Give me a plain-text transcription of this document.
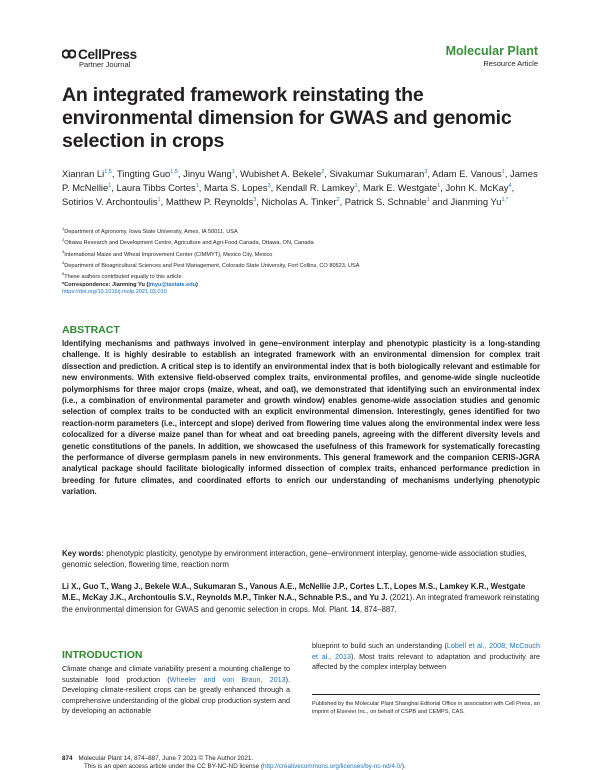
CellPress
Partner Journal
Molecular Plant
Resource Article
An integrated framework reinstating the environmental dimension for GWAS and genomic selection in crops
Xianran Li$^{1,5}$, Tingting Guo$^{1,5}$, Jinyu Wang$^1$, Wubishet A. Bekele$^2$, Sivakumar Sukumaran$^3$, Adam E. Vanous$^1$, James P. McNellie$^1$, Laura Tibbs Cortes$^1$, Marta S. Lopes$^3$, Kendall R. Lamkey$^1$, Mark E. Westgate$^1$, John K. McKay$^4$, Sotirios V. Archontoulis$^1$, Matthew P. Reynolds$^3$, Nicholas A. Tinker$^2$, Patrick S. Schnable$^1$ and Jianming $Yu^{1,*}$
$^1$Department of Agronomy, Iowa State University, Ames, IA 50011, USA
$^2$Ottawa Research and Development Centre, Agriculture and Agri-Food Canada, Ottawa, ON, Canada
$^3$International Maize and Wheat Improvement Center (CIMMYT), Mexico City, Mexico
$^4$Department of Bioagricultural Sciences and Pest Management, Colorado State University, Fort Collins, CO 80523, USA
$^5$These authors contributed equally to this article.
*Correspondence: Jianming Yu (jmyu@iastate.edu)
https://doi.org/10.1016/j.molp.2021.03.010
ABSTRACT
Identifying mechanisms and pathways involved in gene–environment interplay and phenotypic plasticity is a long-standing challenge. It is highly desirable to establish an integrated framework with an environmental dimension for complex trait dissection and prediction. A critical step is to identify an environmental index that is both biologically relevant and estimable for new environments. With extensive field-observed complex traits, environmental profiles, and genome-wide single nucleotide polymorphisms for three major crops (maize, wheat, and oat), we demonstrated that identifying such an environmental index (i.e., a combination of environmental parameter and growth window) enables genome-wide association studies and genomic selection of complex traits to be conducted with an explicit environmental dimension. Interestingly, genes identified for two reaction-norm parameters (i.e., intercept and slope) derived from flowering time values along the environmental index were less colocalized for a diverse maize panel than for wheat and oat breeding panels, agreeing with the different diversity levels and genetic constitutions of the panels. In addition, we showcased the usefulness of this framework for systematically forecasting the performance of diverse germplasm panels in new environments. This general framework and the companion CERIS-JGRA analytical package should facilitate biologically informed dissection of complex traits, enhanced performance prediction in breeding for future climates, and coordinated efforts to enrich our understanding of mechanisms underlying phenotypic variation.
Key words: phenotypic plasticity, genotype by environment interaction, gene–environment interplay, genome-wide association studies, genomic selection, flowering time, reaction norm
Li X., Guo T., Wang J., Bekele W.A., Sukumaran S., Vanous A.E., McNellie J.P., Cortes L.T., Lopes M.S., Lamkey K.R., Westgate M.E., McKay J.K., Archontoulis S.V., Reynolds M.P., Tinker N.A., Schnable P.S., and Yu J. (2021). An integrated framework reinstating the environmental dimension for GWAS and genomic selection in crops. Mol. Plant. 14, 874–887.
INTRODUCTION
Climate change and climate variability present a mounting challenge to sustainable food production (Wheeler and von Braun, 2013). Developing climate-resilient crops can be greatly enhanced through a comprehensive understanding of the global crop production system and by developing an actionable
blueprint to build such an understanding (Lobell et al., 2008; McCouch et al., 2013). Most traits relevant to adaptation and productivity are affected by the complex interplay between
Published by the Molecular Plant Shanghai Editorial Office in association with Cell Press, an imprint of Elsevier Inc., on behalf of CSPB and CEMPS, CAS.
874 Molecular Plant 14, 874–887, June 7 2021 © The Author 2021.
This is an open access article under the CC BY-NC-ND license (http://creativecommons.org/licenses/by-nc-nd/4.0/).
